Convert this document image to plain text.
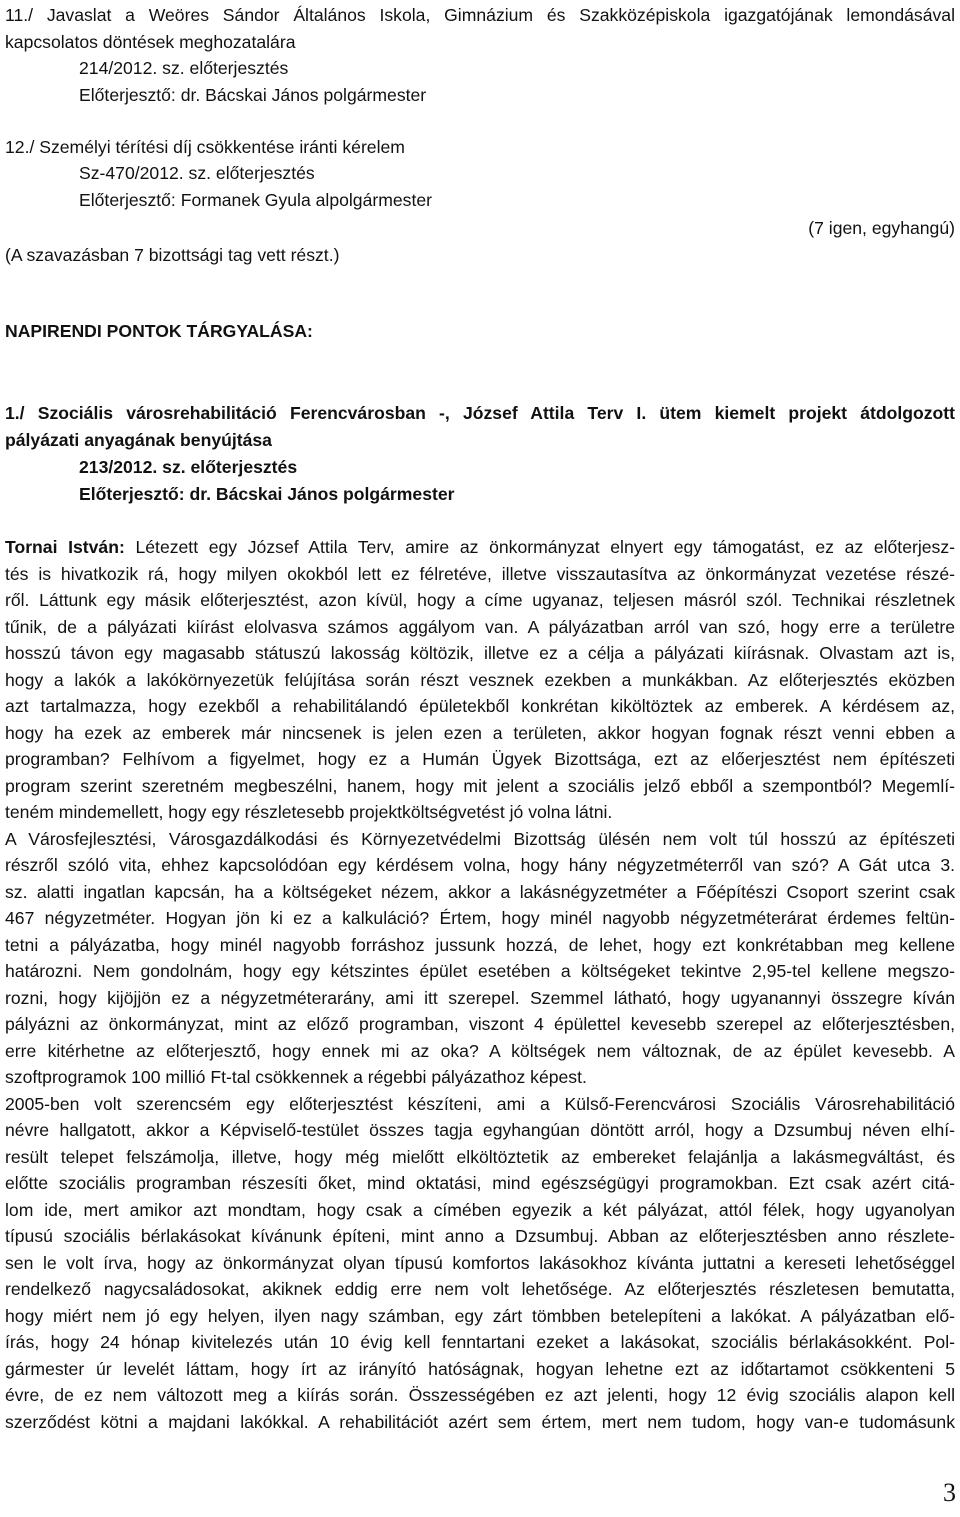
11./ Javaslat a Weöres Sándor Általános Iskola, Gimnázium és Szakközépiskola igazgatójának lemondásával
kapcsolatos döntések meghozatalára
214/2012. sz. előterjesztés
Előterjesztő: dr. Bácskai János polgármester
12./ Személyi térítési díj csökkentése iránti kérelem
Sz-470/2012. sz. előterjesztés
Előterjesztő: Formanek Gyula alpolgármester
(7 igen, egyhangú)
(A szavazásban 7 bizottsági tag vett részt.)
NAPIRENDI PONTOK TÁRGYALÁSA:
1./ Szociális városrehabilitáció Ferencvárosban -, József Attila Terv I. ütem kiemelt projekt átdolgozott
pályázati anyagának benyújtása
213/2012. sz. előterjesztés
Előterjesztő: dr. Bácskai János polgármester
Tornai István: Létezett egy József Attila Terv, amire az önkormányzat elnyert egy támogatást, ez az előterjesz-
tés is hivatkozik rá, hogy milyen okokból lett ez félretéve, illetve visszautasítva az önkormányzat vezetése részé-
ről. Láttunk egy másik előterjesztést, azon kívül, hogy a címe ugyanaz, teljesen másról szól. Technikai részletnek
tűnik, de a pályázati kiírást elolvasva számos aggályom van. A pályázatban arról van szó, hogy erre a területre
hosszú távon egy magasabb státuszú lakosság költözik, illetve ez a célja a pályázati kiírásnak. Olvastam azt is,
hogy a lakók a lakókörnyezetük felújítása során részt vesznek ezekben a munkákban. Az előterjesztés eközben
azt tartalmazza, hogy ezekből a rehabilitálandó épületekből konkrétan kiköltöztek az emberek. A kérdésem az,
hogy ha ezek az emberek már nincsenek is jelen ezen a területen, akkor hogyan fognak részt venni ebben a
programban? Felhívom a figyelmet, hogy ez a Humán Ügyek Bizottsága, ezt az előerjesztést nem építészeti
program szerint szeretném megbeszélni, hanem, hogy mit jelent a szociális jelző ebből a szempontból? Megemlí-
teném mindemellett, hogy egy részletesebb projektköltségvetést jó volna látni.
A Városfejlesztési, Városgazdálkodási és Környezetvédelmi Bizottság ülésén nem volt túl hosszú az építészeti
részről szóló vita, ehhez kapcsolódóan egy kérdésem volna, hogy hány négyzetméterről van szó? A Gát utca 3.
sz. alatti ingatlan kapcsán, ha a költségeket nézem, akkor a lakásnégyzetméter a Főépítészi Csoport szerint csak
467 négyzetméter. Hogyan jön ki ez a kalkuláció? Értem, hogy minél nagyobb négyzetméterárat érdemes feltün-
tetni a pályázatba, hogy minél nagyobb forráshoz jussunk hozzá, de lehet, hogy ezt konkrétabban meg kellene
határozni. Nem gondolnám, hogy egy kétszintes épület esetében a költségeket tekintve 2,95-tel kellene megszo-
rozni, hogy kijöjjön ez a négyzetméterarány, ami itt szerepel. Szemmel látható, hogy ugyanannyi összegre kíván
pályázni az önkormányzat, mint az előző programban, viszont 4 épülettel kevesebb szerepel az előterjesztésben,
erre kitérhetne az előterjesztő, hogy ennek mi az oka? A költségek nem változnak, de az épület kevesebb. A
szoftprogramok 100 millió Ft-tal csökkennek a régebbi pályázathoz képest.
2005-ben volt szerencsém egy előterjesztést készíteni, ami a Külső-Ferencvárosi Szociális Városrehabilitáció
névre hallgatott, akkor a Képviselő-testület összes tagja egyhangúan döntött arról, hogy a Dzsumbuj néven elhí-
resült telepet felszámolja, illetve, hogy még mielőtt elköltöztetik az embereket felajánlja a lakásmegváltást, és
előtte szociális programban részesíti őket, mind oktatási, mind egészségügyi programokban. Ezt csak azért citá-
lom ide, mert amikor azt mondtam, hogy csak a címében egyezik a két pályázat, attól félek, hogy ugyanolyan
típusú szociális bérlakásokat kívánunk építeni, mint anno a Dzsumbuj. Abban az előterjesztésben anno részlete-
sen le volt írva, hogy az önkormányzat olyan típusú komfortos lakásokhoz kívánta juttatni a kereseti lehetőséggel
rendelkező nagycsaládosokat, akiknek eddig erre nem volt lehetősége. Az előterjesztés részletesen bemutatta,
hogy miért nem jó egy helyen, ilyen nagy számban, egy zárt tömbben betelepíteni a lakókat. A pályázatban elő-
írás, hogy 24 hónap kivitelezés után 10 évig kell fenntartani ezeket a lakásokat, szociális bérlakásokként. Pol-
gármester úr levelét láttam, hogy írt az irányító hatóságnak, hogyan lehetne ezt az időtartamot csökkenteni 5
évre, de ez nem változott meg a kiírás során. Összességében ez azt jelenti, hogy 12 évig szociális alapon kell
szerződést kötni a majdani lakókkal. A rehabilitációt azért sem értem, mert nem tudom, hogy van-e tudomásunk
3
